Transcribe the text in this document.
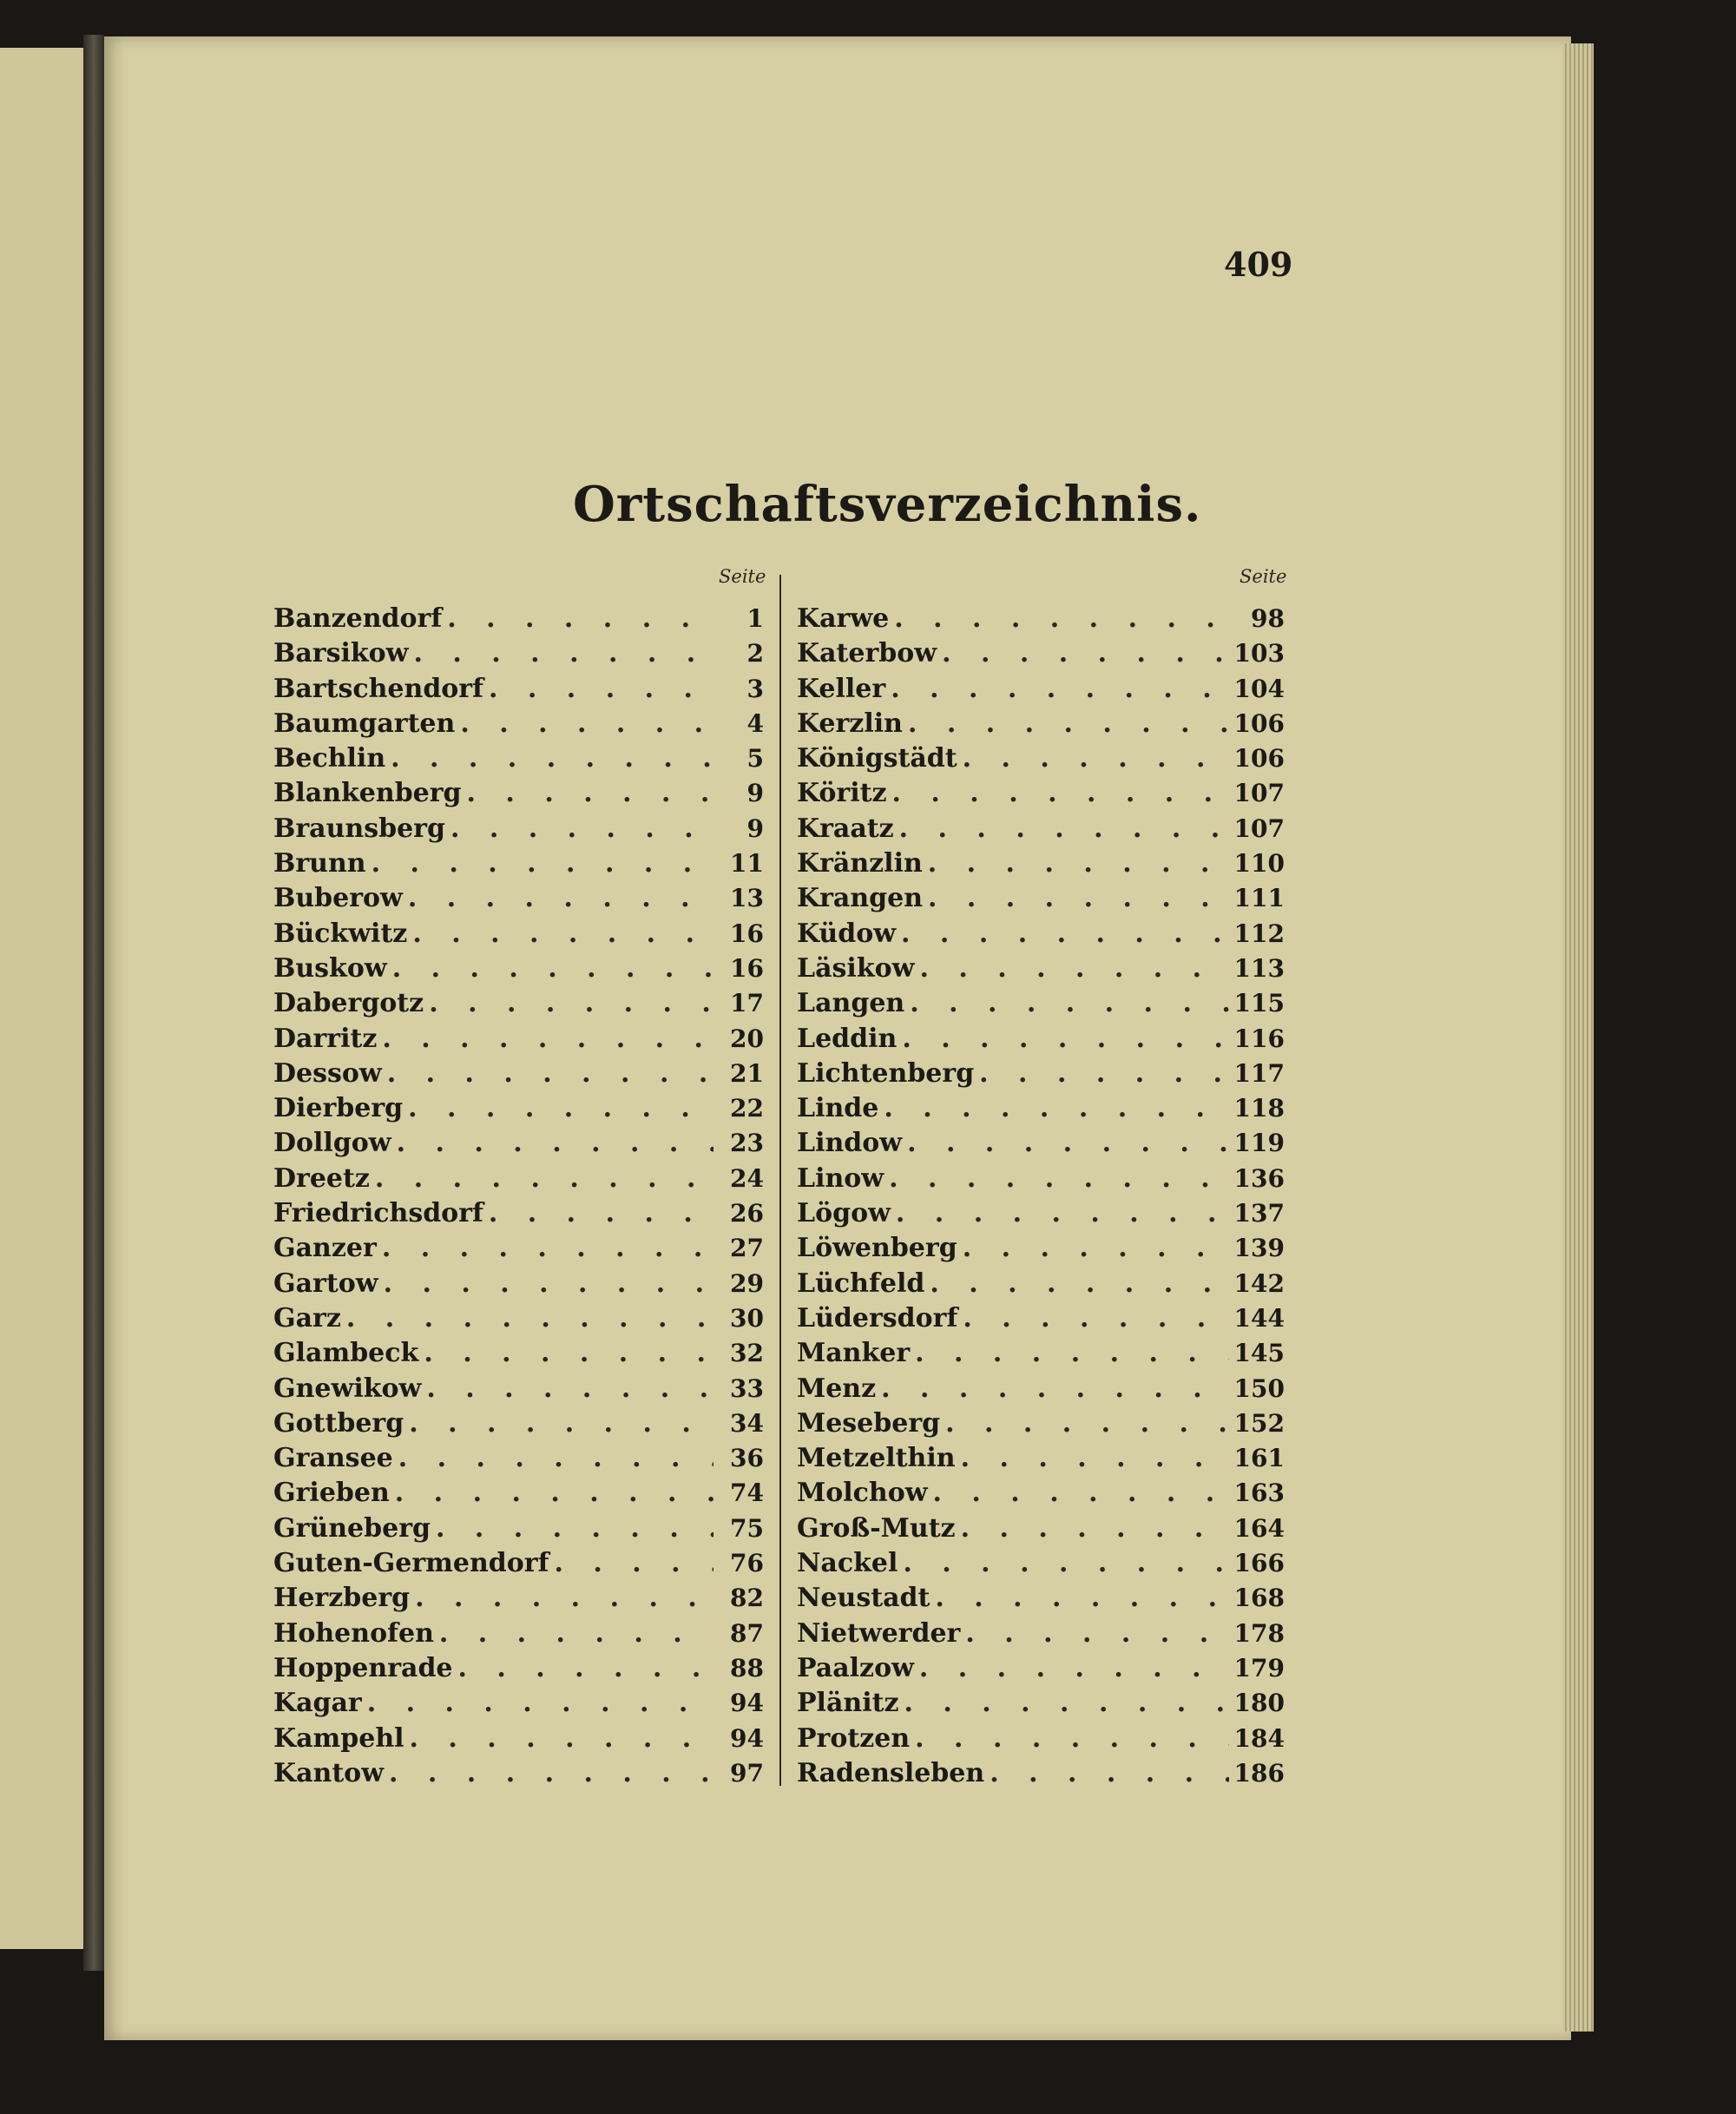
409
Ortschaftsverzeichnis.
Seite	Seite
Banzendorf . . .	1
Barsikow . . .	2
Bartschendorf . . .	3
Baumgarten . . .	4
Bechlin . . .	5
Blankenberg . . .	9
Braunsberg . . .	9
Brunn . . .	11
Buberow . . .	13
Bückwitz . . .	16
Buskow . . .	16
Dabergotz . . .	17
Darritz . . .	20
Dessow . . .	21
Dierberg . . .	22
Dollgow . . .	23
Dreetz . . .	24
Friedrichsdorf . . .	26
Ganzer . . .	27
Gartow . . .	29
Garz . . .	30
Glambeck . . .	32
Gnewikow . . .	33
Gottberg . . .	34
Gransee . . .	36
Grieben . . .	74
Grüneberg . . .	75
Guten-Germendorf . . .	76
Herzberg . . .	82
Hohenofen . . .	87
Hoppenrade . . .	88
Kagar . . .	94
Kampehl . . .	94
Kantow . . .	97
Karwe . . .	98
Katerbow . . .	103
Keller . . .	104
Kerzlin . . .	106
Königstädt . . .	106
Köritz . . .	107
Kraatz . . .	107
Kränzlin . . .	110
Krangen . . .	111
Küdow . . .	112
Läsikow . . .	113
Langen . . .	115
Leddin . . .	116
Lichtenberg . . .	117
Linde . . .	118
Lindow . . .	119
Linow . . .	136
Lögow . . .	137
Löwenberg . . .	139
Lüchfeld . . .	142
Lüdersdorf . . .	144
Manker . . .	145
Menz . . .	150
Meseberg . . .	152
Metzelthin . . .	161
Molchow . . .	163
Groß-Mutz . . .	164
Nackel . . .	166
Neustadt . . .	168
Nietwerder . . .	178
Paalzow . . .	179
Plänitz . . .	180
Protzen . . .	184
Radensleben . . .	186
